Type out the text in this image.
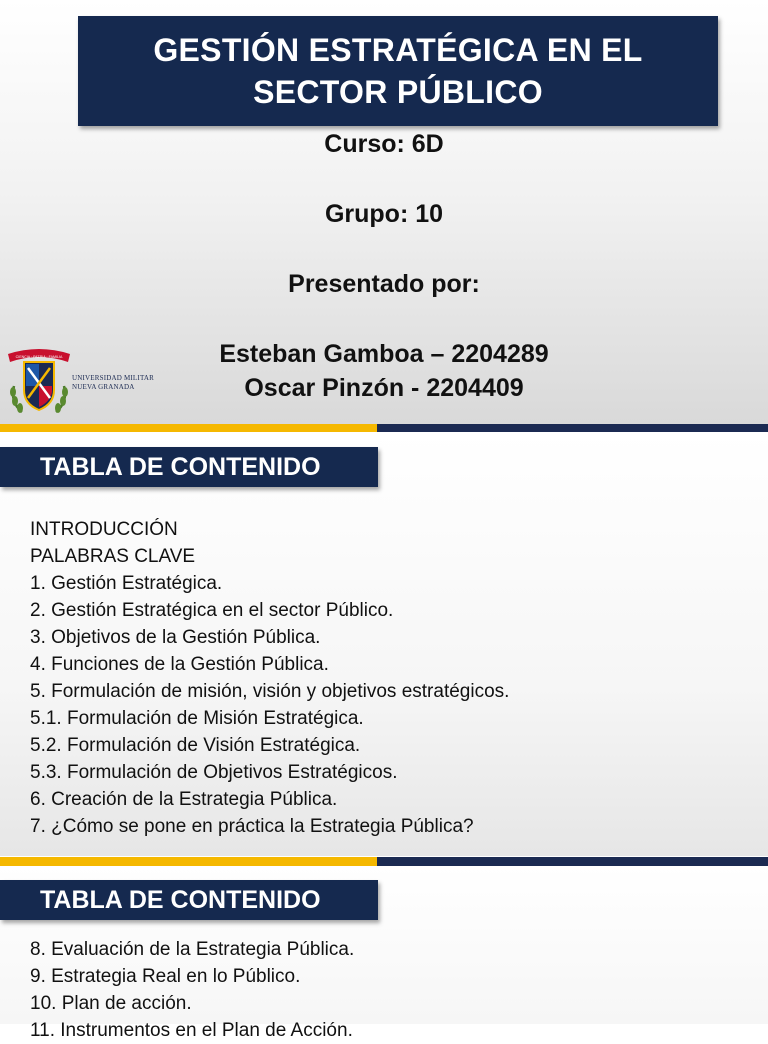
GESTIÓN ESTRATÉGICA EN EL
SECTOR PÚBLICO
Curso: 6D
Grupo: 10
Presentado por:
Esteban Gamboa – 2204289
Oscar Pinzón - 2204409
CIENCIA · PATRIA · FAMILIA
UNIVERSIDAD MILITAR
NUEVA GRANADA
TABLA DE CONTENIDO
INTRODUCCIÓN
PALABRAS CLAVE
1. Gestión Estratégica.
2. Gestión Estratégica en el sector Público.
3. Objetivos de la Gestión Pública.
4. Funciones de la Gestión Pública.
5. Formulación de misión, visión y objetivos estratégicos.
5.1. Formulación de Misión Estratégica.
5.2. Formulación de Visión Estratégica.
5.3. Formulación de Objetivos Estratégicos.
6. Creación de la Estrategia Pública.
7. ¿Cómo se pone en práctica la Estrategia Pública?
TABLA DE CONTENIDO
8. Evaluación de la Estrategia Pública.
9. Estrategia Real en lo Público.
10. Plan de acción.
11. Instrumentos en el Plan de Acción.
